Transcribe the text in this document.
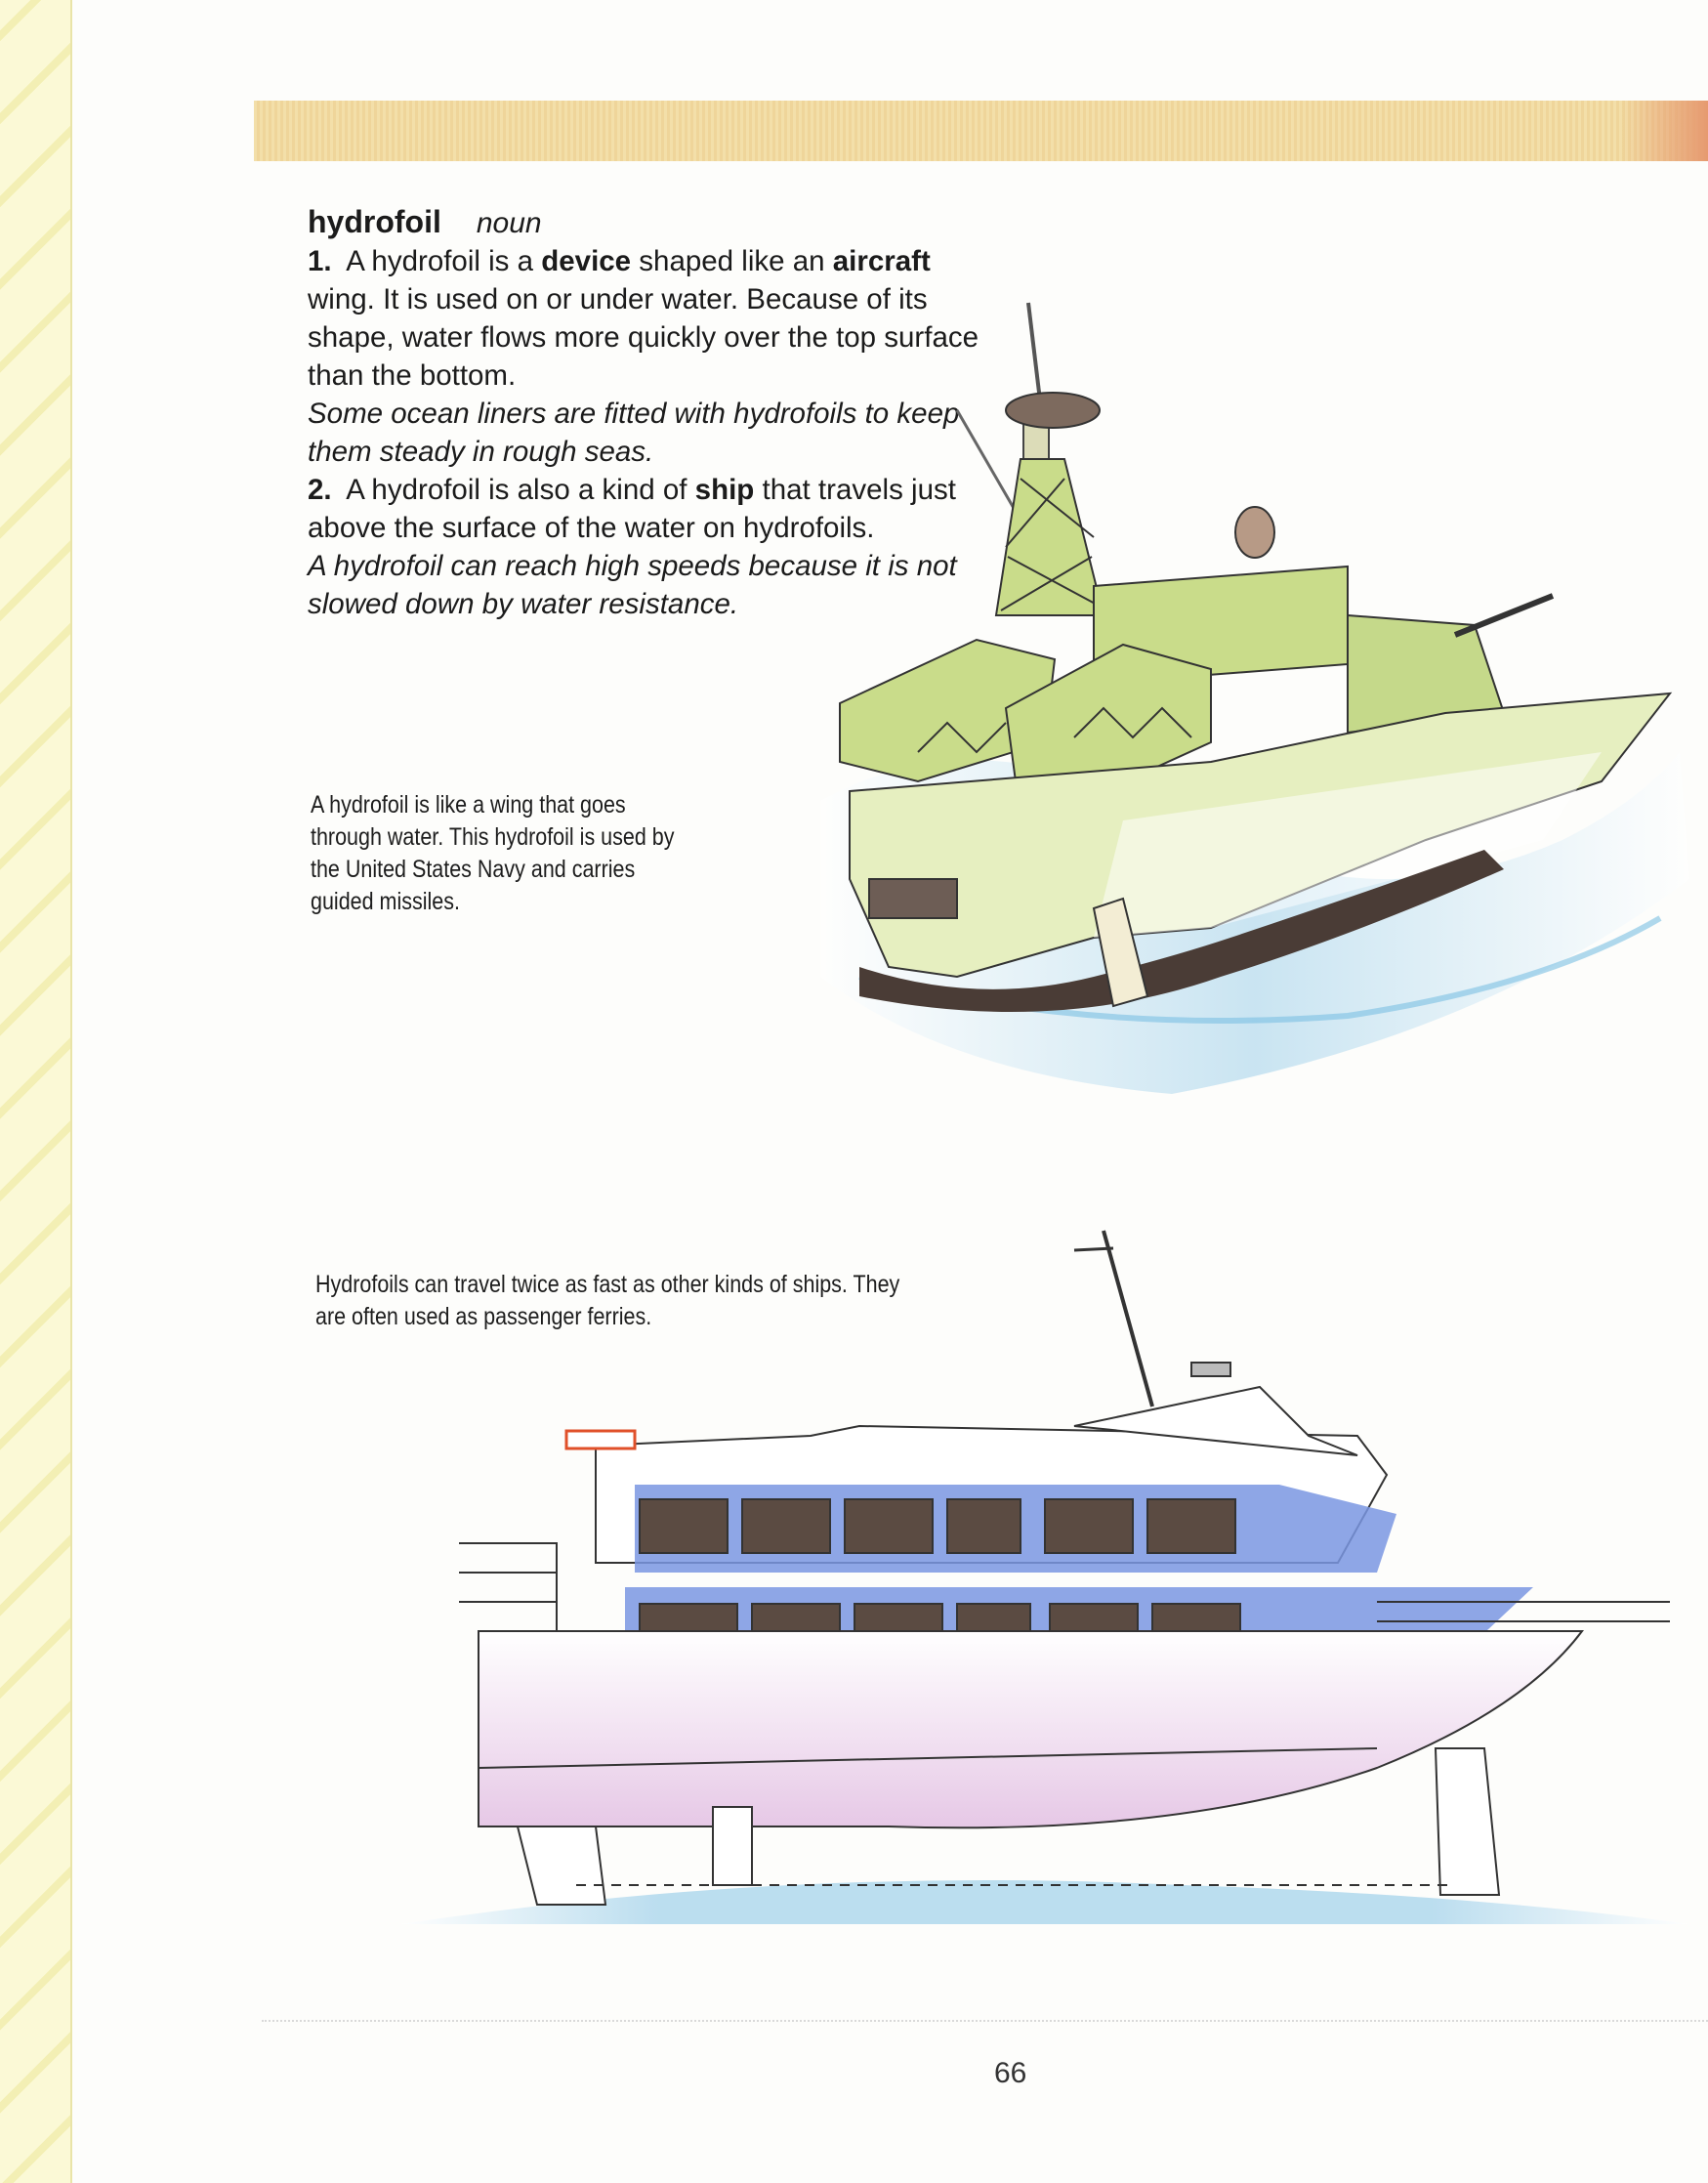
hydrofoil noun
1. A hydrofoil is a device shaped like an aircraft wing. It is used on or under water. Because of its shape, water flows more quickly over the top surface than the bottom.
Some ocean liners are fitted with hydrofoils to keep them steady in rough seas.
2. A hydrofoil is also a kind of ship that travels just above the surface of the water on hydrofoils.
A hydrofoil can reach high speeds because it is not slowed down by water resistance.
A hydrofoil is like a wing that goes through water. This hydrofoil is used by the United States Navy and carries guided missiles.
Hydrofoils can travel twice as fast as other kinds of ships. They are often used as passenger ferries.
66
